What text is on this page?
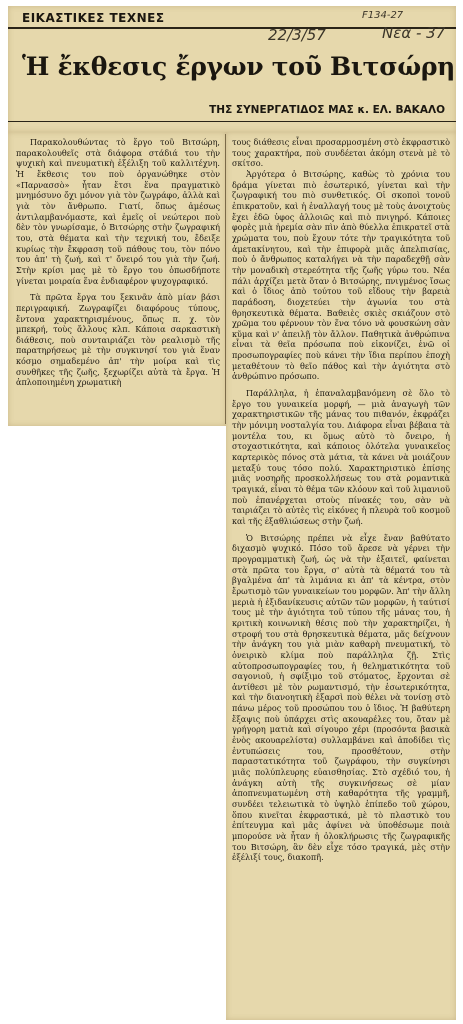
ΕΙΚΑΣΤΙΚΕΣ ΤΕΧΝΕΣ	F134-27
22/3/57	Νεα - 37
Ἡ ἔκθεσις ἔργων τοῦ Βιτσώρη
ΤΗΣ ΣΥΝΕΡΓΑΤΙΔΟΣ ΜΑΣ κ. ΕΛ. ΒΑΚΑΛΟ

Παρακολουθώντας τὸ ἔργο τοῦ Βιτσώρη, παρακολουθεῖς στὰ διάφορα στάδιά του τὴν ψυχικὴ καὶ πνευματικὴ ἐξέλιξη τοῦ καλλιτέχνη. Ἡ ἔκθεσις του ποὺ ὀργανώθηκε στὸν «Παρνασσὸ» ἦταν ἔτσι ἕνα πραγματικὸ μνημόσυνο ὄχι μόνον γιὰ τὸν ζωγράφο, ἀλλὰ καὶ γιὰ τὸν ἄνθρωπο. Γιατί, ὅπως ἀμέσως ἀντιλαμβανόμαστε, καὶ ἐμεῖς οἱ νεώτεροι ποὺ δὲν τὸν γνωρίσαμε, ὁ Βιτσώρης στὴν ζωγραφική του, στὰ θέματα καὶ τὴν τεχνική του, ἔδειξε κυρίως τὴν ἔκφραση τοῦ πάθους του, τὸν πόνο του ἀπ' τὴ ζωή, καὶ τ' ὄνειρό του γιὰ τὴν ζωή. Στὴν κρίσι μας μὲ τὸ ἔργο του ὁπωσδήποτε γίνεται μοιραία ἕνα ἐνδιαφέρον ψυχογραφικό.

Τὰ πρῶτα ἔργα του ξεκινᾶν ἀπὸ μίαν βάσι περιγραφική. Ζωγραφίζει διαφόρους τύπους, ἔντονα χαρακτηρισμένους, ὅπως π. χ. τὸν μπεκρή, τοὺς ἄλλους κλπ. Κάποια σαρκαστικὴ διάθεσις, ποὺ συνταιριάζει τὸν ρεαλισμὸ τῆς παρατηρήσεως μὲ τὴν συγκινησί του γιὰ ἕναν κόσμο σημαδεμένο ἀπ' τὴν μοίρα καὶ τὶς συνθῆκες τῆς ζωῆς, ξεχωρίζει αὐτὰ τὰ ἔργα. Ἡ ἀπλοποιημένη χρωματικὴ

τους διάθεσις εἶναι προσαρμοσμένη στὸ ἐκφραστικὸ τους χαρακτήρα, ποὺ συνδέεται ἀκόμη στενὰ μὲ τὸ σκίτσο.

Ἀργότερα ὁ Βιτσώρης, καθὼς τὸ χρόνια του δράμα γίνεται πιὸ ἐσωτερικό, γίνεται καὶ τὴν ζωγραφική του πιὸ συνθετικός. Οἱ σκοποὶ τονοῦ ἐπικρατοῦν, καὶ ἡ ἐναλλαγή τους μὲ τοὺς ἀνοιχτοὺς ἔχει ἐδῶ ὑφος ἀλλοιῶς καὶ πιὸ πνιγηρό. Κάποιες φορὲς μιὰ ἠρεμία σὰν πὶν ἀπὸ θύελλα ἐπικρατεῖ στὰ χρώματα του, ποὺ ἔχουν τότε τὴν τραγικότητα τοῦ ἀμετακίνητου, καὶ τὴν ἐπιφορὰ μιᾶς ἀπελπισίας, ποὺ ὁ ἄνθρωπος καταλήγει νὰ τὴν παραδεχθῇ σὰν τὴν μοναδικὴ στερεότητα τῆς ζωῆς γύρω του. Νέα πάλι ἀρχίζει μετὰ ὅταν ὁ Βιτσώρης, πνιγμένος ἴσως καὶ ὁ ἴδιος ἀπὸ τούτου τοῦ εἴδους τὴν βαρειὰ παράδοση, διοχετεύει τὴν ἀγωνία του στὰ θρησκευτικὰ θέματα. Βαθειὲς σκιὲς σκιάζουν στὸ χρῶμα του φέρνουν τὸν ἕνα τόνο νὰ φουσκώνη σὰν κῦμα καὶ ν' ἀπειλῇ τὸν ἄλλον. Παθητικὰ ἀνθρώπινα εἶναι τὰ θεῖα πρόσωπα ποὺ εἰκονίζει, ἐνῶ οἱ προσωπογραφίες ποὺ κάνει τὴν ἴδια περίπου ἐποχὴ μεταθέτουν τὸ θεῖο πάθος καὶ τὴν ἀγιότητα στὸ ἀνθρώπινο πρόσωπο.

Παράλληλα, ἡ ἐπαναλαμβανόμενη σὲ ὅλο τὸ ἔργο του γυναικεία μορφή, — μιὰ ἀναγωγὴ τῶν χαρακτηριστικῶν τῆς μάνας του πιθανόν, ἐκφράζει τὴν μόνιμη νοσταλγία του. Διάφορα εἶναι βέβαια τὰ μοντέλα του, κι ὅμως αὐτὸ τὸ ὄνειρο, ἡ στοχαστικότητα, καὶ κάποιος ὀλότελα γυναικεῖος καρτερικὸς πόνος στὰ μάτια, τὰ κάνει νὰ μοιάζουν μεταξύ τους τόσο πολύ. Χαρακτηριστικὸ ἐπίσης μιᾶς νοσηρῆς προσκολλήσεως του στὰ ρομαντικὰ τραγικά, εἶναι τὸ θέμα τῶν κλόουν καὶ τοῦ λιμανιοῦ ποὺ ἐπανέρχεται στοὺς πίνακές του, σὰν νὰ ταιριάζει τὸ αὐτὲς τὶς εἰκόνες ἡ πλευρὰ τοῦ κοσμοῦ καὶ τῆς ἐξαθλιώσεως στὴν ζωή.

Ὁ Βιτσώρης πρέπει νὰ εἶχε ἕναν βαθύτατο διχασμὸ ψυχικό. Πόσο τοῦ ἄρεσε νὰ γέρνει τὴν προγραμματικὴ ζωή, ὡς νὰ τὴν ἐξαιτεῖ, φαίνεται στὰ πρῶτα του ἔργα, σ' αὐτὰ τὰ θέματά του τὰ βγαλμένα ἀπ' τὰ λιμάνια κι ἀπ' τὰ κέντρα, στὸν ἔρωτισμὸ τῶν γυναικείων του μορφῶν. Ἀπ' τὴν ἄλλη μεριὰ ἡ ἐξιδανίκευσις αὐτῶν τῶν μορφῶν, ἡ ταύτισί τους μὲ τὴν ἀγιότητα τοῦ τύπου τῆς μάνας του, ἡ κριτικὴ κοινωνικὴ θέσις ποὺ τὴν χαρακτηρίζει, ἡ στροφή του στὰ θρησκευτικὰ θέματα, μᾶς δείχνουν τὴν ἀνάγκη του γιὰ μιὰν καθαρὴ πνευματική, τὸ ὀνειρικὸ κλίμα ποὺ παράλληλα ζῇ. Στὶς αὐτοπροσωπογραφίες του, ἡ θεληματικότητα τοῦ σαγονιοῦ, ἡ σφίξιμο τοῦ στόματος, ἔρχονται σὲ ἀντίθεσι μὲ τὸν ρωμαντισμό, τὴν ἐσωτερικότητα, καὶ τὴν διανοητικὴ ἐξαρσὶ ποὺ θέλει νὰ τονίσῃ στὸ πάνω μέρος τοῦ προσώπου του ὁ ἴδιος. Ἡ βαθύτερη ἔξαψις ποὺ ὑπάρχει στὶς ακουαρέλες του, ὅταν μὲ γρήγορη ματιὰ καὶ σίγουρο χέρι (προσόντα βασικὰ ἑνὸς ακουαρελίστα) συλλαμβάνει καὶ ἀποδίδει τὶς ἐντυπώσεις του, προσθέτουν, στὴν παραστατικότητα τοῦ ζωγράφου, τὴν συγκίνησι μιᾶς πολύπλευρης εὐαισθησίας. Στὸ σχέδιό του, ἡ ἀνάγκη αὐτὴ τῆς συγκινήσεως σὲ μίαν ἀποπνευματωμένη στὴ καθαρότητα τῆς γραμμῆ, συνδέει τελειωτικὰ τὸ ὑψηλὸ ἐπίπεδο τοῦ χώρου, ὅπου κινεῖται ἐκφραστικά, μὲ τὸ πλαστικὸ του ἐπίτευγμα καὶ μᾶς ἀφίνει νὰ ὑποθέσωμε ποιὰ μπορούσε νὰ ἦταν ἡ ὁλοκλήρωσις τῆς ζωγραφικῆς του Βιτσώρη, ἂν δὲν εἶχε τόσο τραγικά, μὲς στὴν ἐξέλιξί τους, διακοπῆ.
